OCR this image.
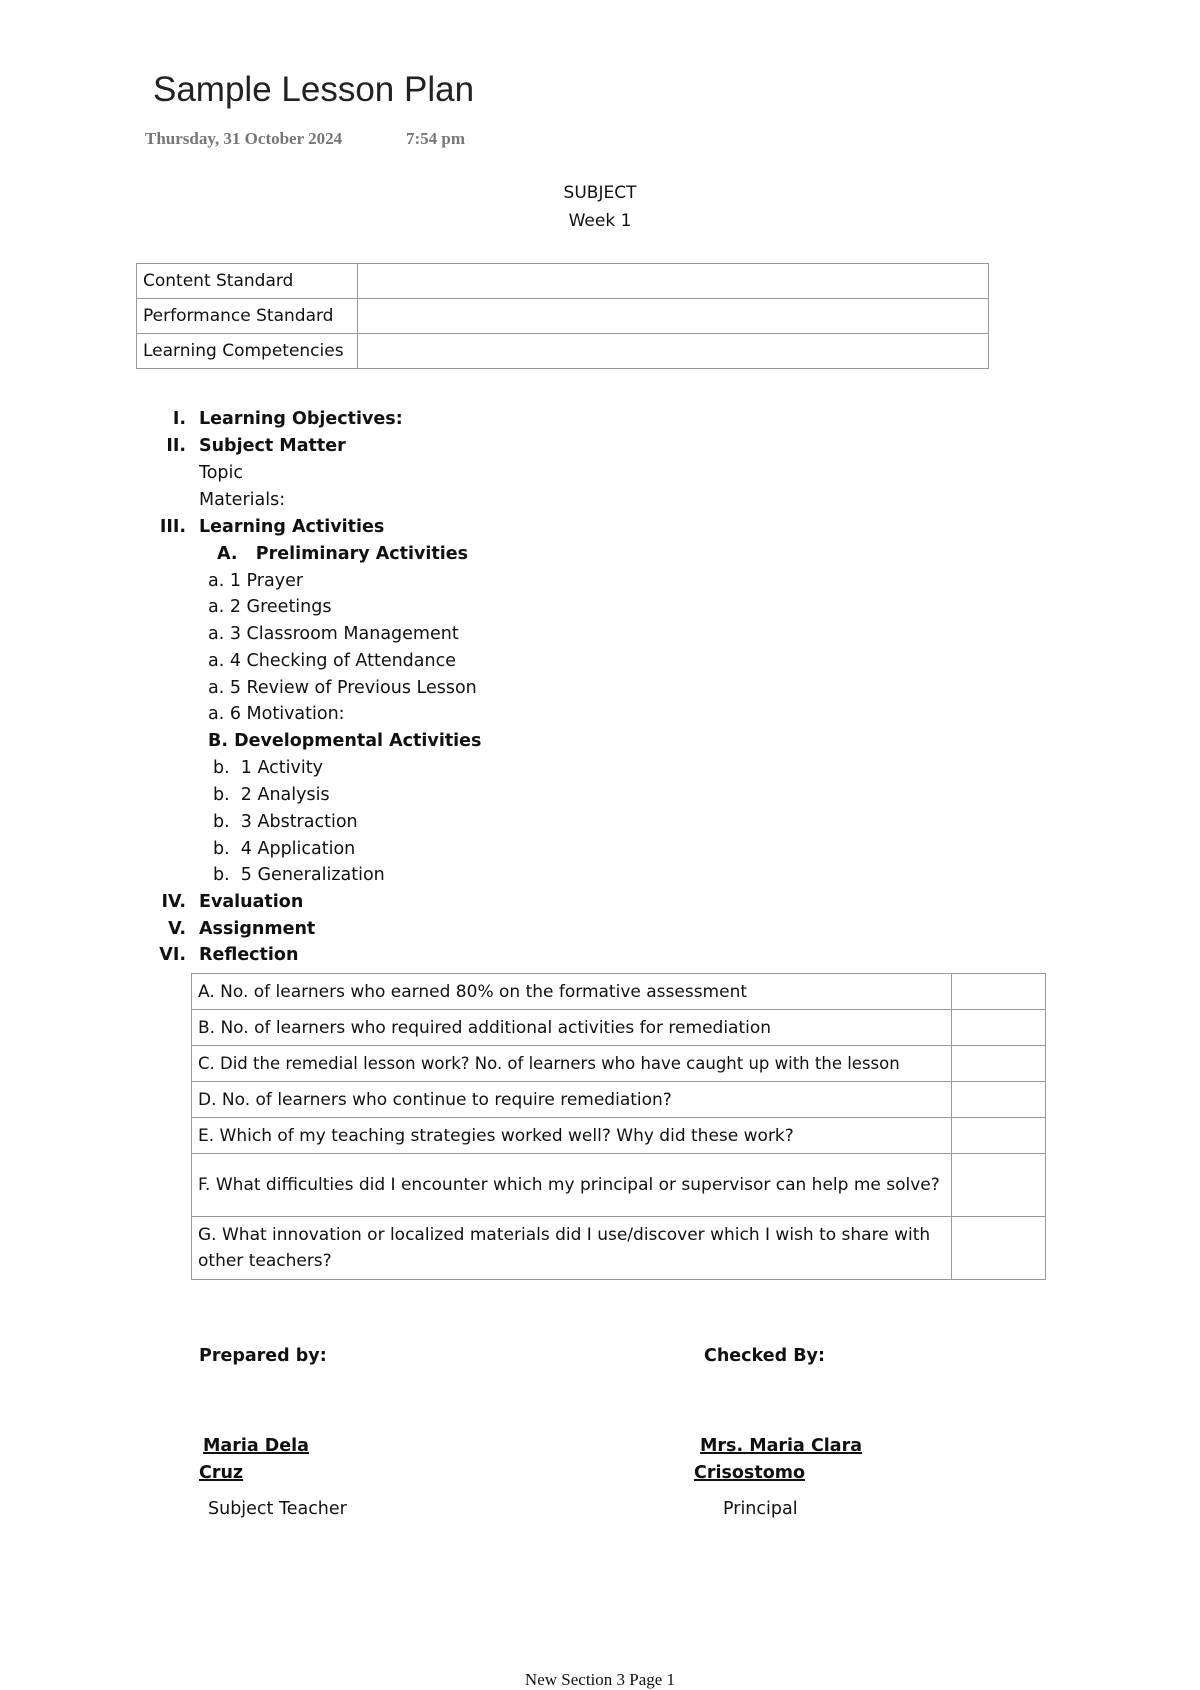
Sample Lesson Plan
Thursday, 31 October 2024	7:54 pm
SUBJECT
Week 1
Content Standard	
Performance Standard	
Learning Competencies	
I. Learning Objectives:
II. Subject Matter
Topic
Materials:
III. Learning Activities
A.   Preliminary Activities
a. 1 Prayer
a. 2 Greetings
a. 3 Classroom Management
a. 4 Checking of Attendance
a. 5 Review of Previous Lesson
a. 6 Motivation:
B. Developmental Activities
b.  1 Activity
b.  2 Analysis
b.  3 Abstraction
b.  4 Application
b.  5 Generalization
IV. Evaluation
V. Assignment
VI. Reflection
A. No. of learners who earned 80% on the formative assessment	
B. No. of learners who required additional activities for remediation	
C. Did the remedial lesson work? No. of learners who have caught up with the lesson	
D. No. of learners who continue to require remediation?	
E. Which of my teaching strategies worked well? Why did these work?	
F. What difficulties did I encounter which my principal or supervisor can help me solve?	
G. What innovation or localized materials did I use/discover which I wish to share with other teachers?	
Prepared by:	Checked By:
Maria Dela
Cruz
Subject Teacher
Mrs. Maria Clara
Crisostomo
Principal
New Section 3 Page 1
